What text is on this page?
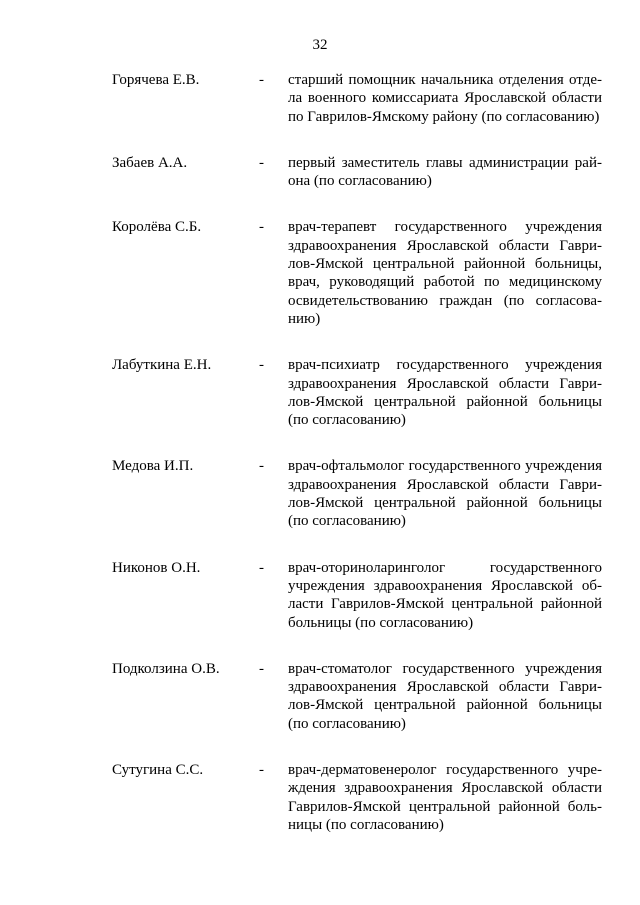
32
Горячева Е.В.	- старший помощник начальника отделения отдела военного комиссариата Ярославской области по Гаврилов-Ямскому району (по согласованию)
Забаев А.А.	- первый заместитель главы администрации района (по согласованию)
Королёва С.Б.	- врач-терапевт государственного учреждения здравоохранения Ярославской области Гаврилов-Ямской центральной районной больницы, врач, руководящий работой по медицинскому освидетельствованию граждан (по согласованию)
Лабуткина Е.Н.	- врач-психиатр государственного учреждения здравоохранения Ярославской области Гаврилов-Ямской центральной районной больницы (по согласованию)
Медова И.П.	- врач-офтальмолог государственного учреждения здравоохранения Ярославской области Гаврилов-Ямской центральной районной больницы (по согласованию)
Никонов О.Н.	- врач-оториноларинголог государственного учреждения здравоохранения Ярославской области Гаврилов-Ямской центральной районной больницы (по согласованию)
Подколзина О.В.	- врач-стоматолог государственного учреждения здравоохранения Ярославской области Гаврилов-Ямской центральной районной больницы (по согласованию)
Сутугина С.С.	- врач-дерматовенеролог государственного учреждения здравоохранения Ярославской области Гаврилов-Ямской центральной районной больницы (по согласованию)
